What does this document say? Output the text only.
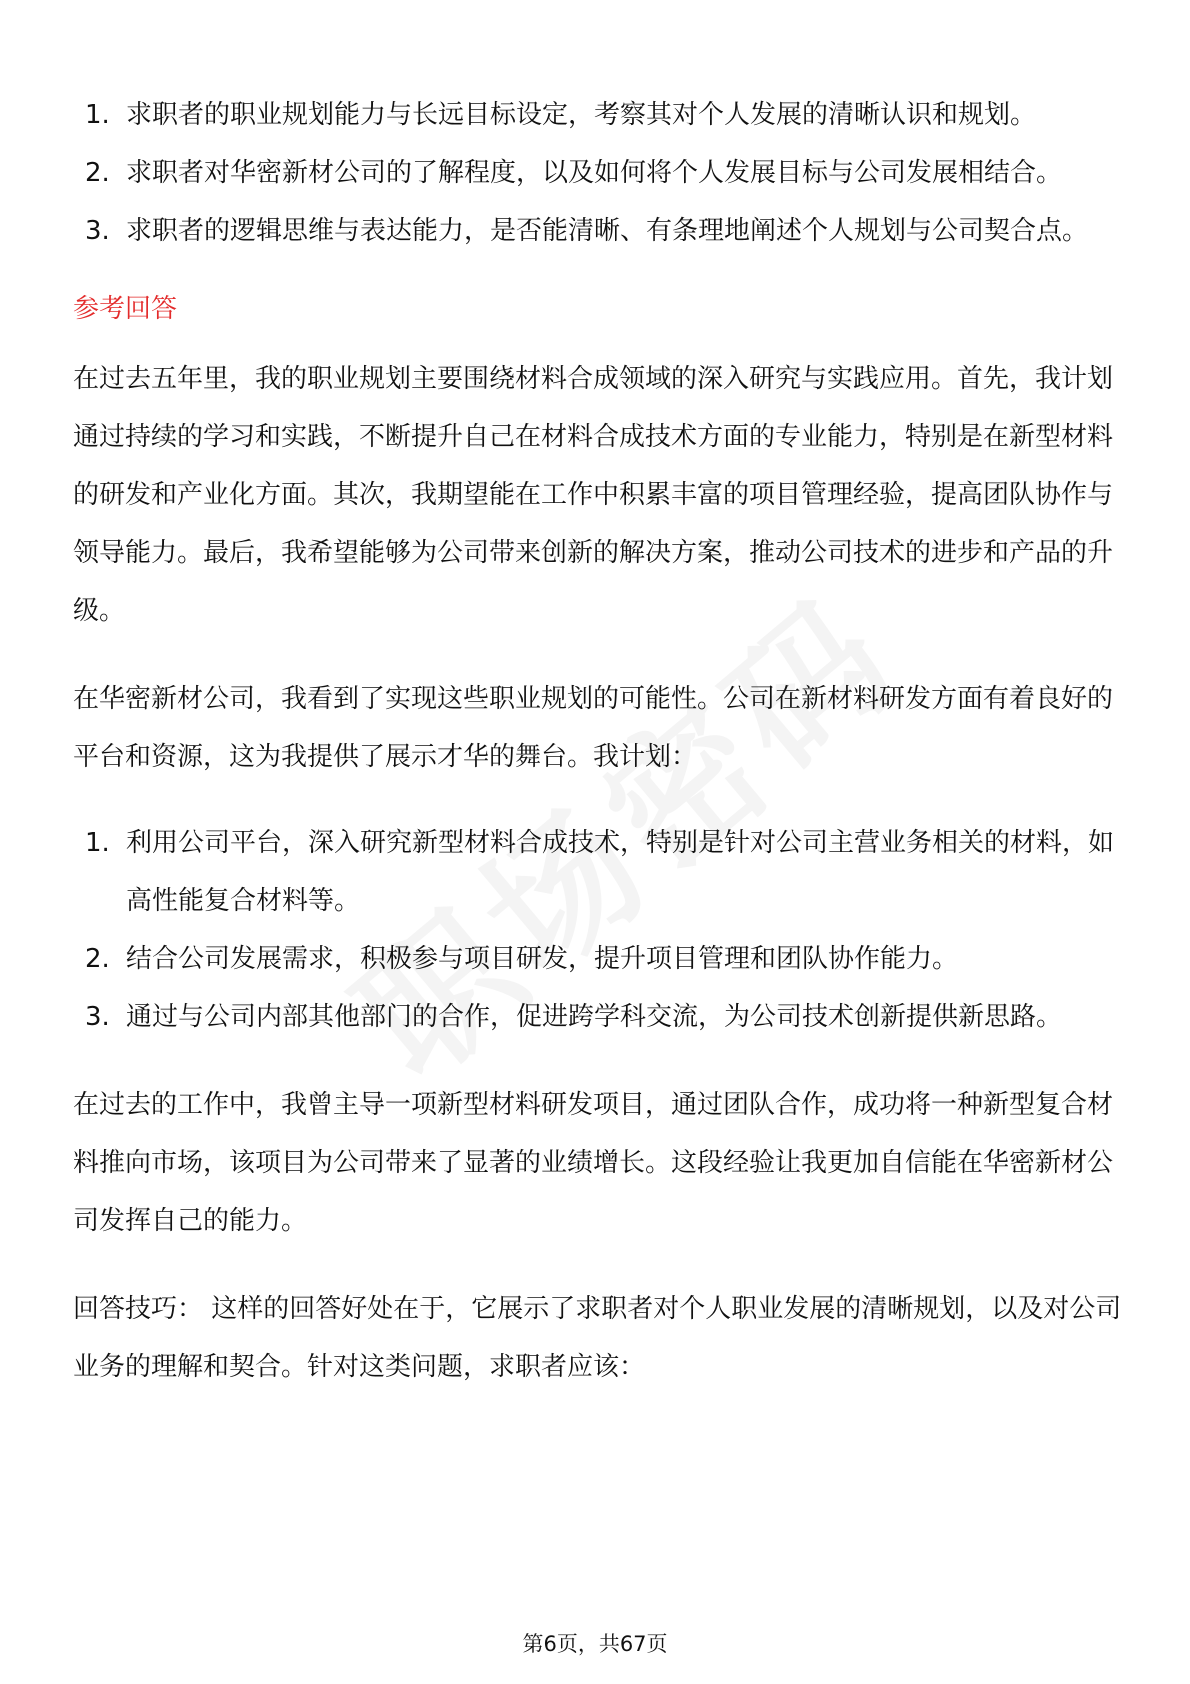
1. 求职者的职业规划能力与长远目标设定，考察其对个人发展的清晰认识和规划。
2. 求职者对华密新材公司的了解程度，以及如何将个人发展目标与公司发展相结合。
3. 求职者的逻辑思维与表达能力，是否能清晰、有条理地阐述个人规划与公司契合点。
参考回答

在过去五年里，我的职业规划主要围绕材料合成领域的深入研究与实践应用。首先，我计划通过持续的学习和实践，不断提升自己在材料合成技术方面的专业能力，特别是在新型材料的研发和产业化方面。其次，我期望能在工作中积累丰富的项目管理经验，提高团队协作与领导能力。最后，我希望能够为公司带来创新的解决方案，推动公司技术的进步和产品的升级。

在华密新材公司，我看到了实现这些职业规划的可能性。公司在新材料研发方面有着良好的平台和资源，这为我提供了展示才华的舞台。我计划：

1. 利用公司平台，深入研究新型材料合成技术，特别是针对公司主营业务相关的材料，如高性能复合材料等。
2. 结合公司发展需求，积极参与项目研发，提升项目管理和团队协作能力。
3. 通过与公司内部其他部门的合作，促进跨学科交流，为公司技术创新提供新思路。

在过去的工作中，我曾主导一项新型材料研发项目，通过团队合作，成功将一种新型复合材料推向市场，该项目为公司带来了显著的业绩增长。这段经验让我更加自信能在华密新材公司发挥自己的能力。

回答技巧： 这样的回答好处在于，它展示了求职者对个人职业发展的清晰规划，以及对公司业务的理解和契合。针对这类问题，求职者应该：

第6页，共67页
